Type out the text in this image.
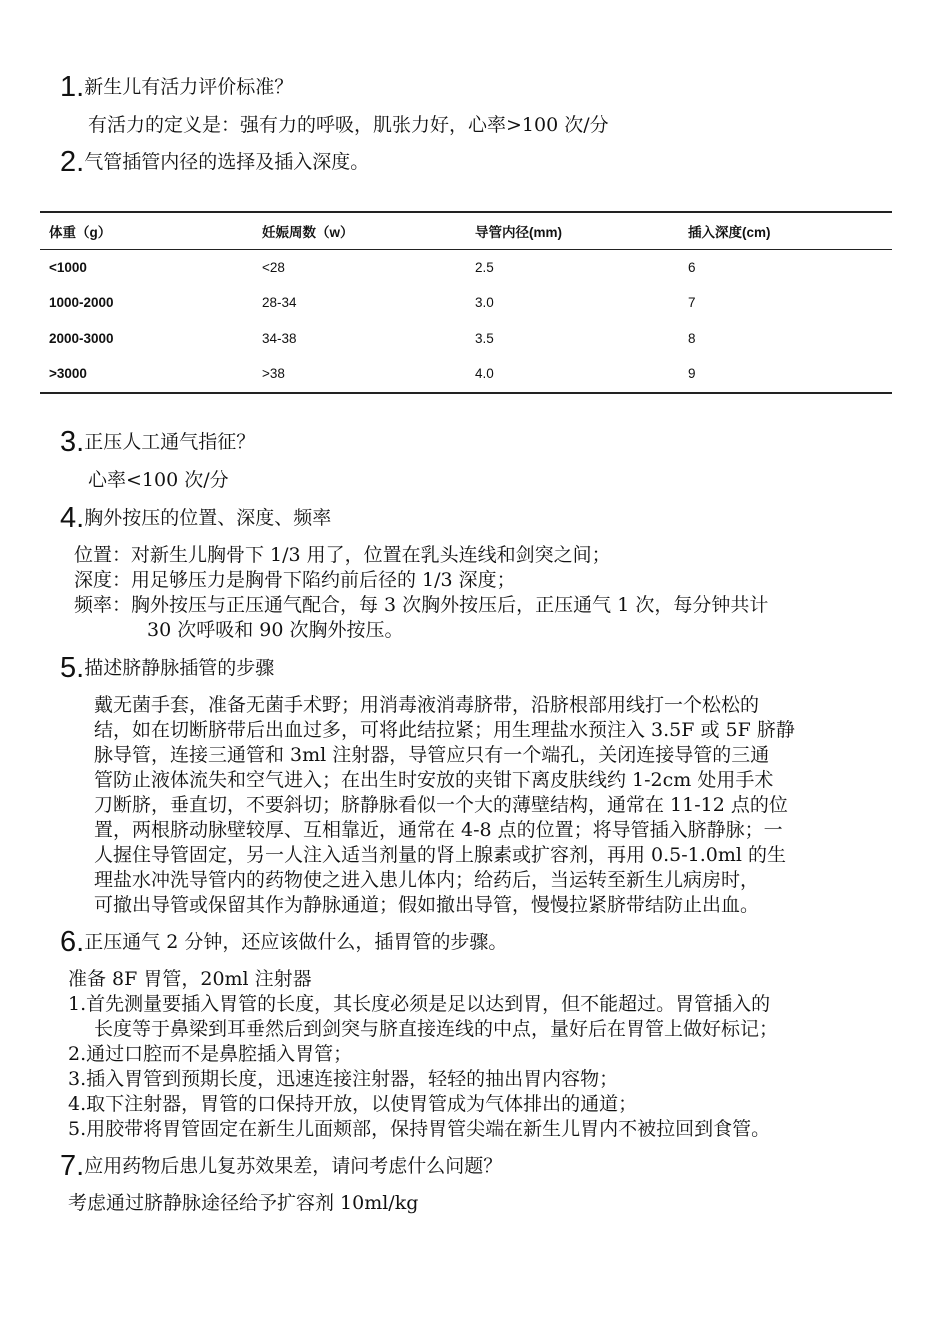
1.新生儿有活力评价标准？
有活力的定义是：强有力的呼吸，肌张力好，心率>100 次/分
2.气管插管内径的选择及插入深度。
体重（g）	妊娠周数（w）	导管内径(mm)	插入深度(cm)
<1000	<28	2.5	6
1000-2000	28-34	3.0	7
2000-3000	34-38	3.5	8
>3000	>38	4.0	9
3.正压人工通气指征？
心率<100 次/分
4.胸外按压的位置、深度、频率
位置：对新生儿胸骨下 1/3 用了，位置在乳头连线和剑突之间；
深度：用足够压力是胸骨下陷约前后径的 1/3 深度；
频率：胸外按压与正压通气配合，每 3 次胸外按压后，正压通气 1 次，每分钟共计
30 次呼吸和 90 次胸外按压。
5.描述脐静脉插管的步骤
戴无菌手套，准备无菌手术野；用消毒液消毒脐带，沿脐根部用线打一个松松的
结，如在切断脐带后出血过多，可将此结拉紧；用生理盐水预注入 3.5F 或 5F 脐静
脉导管，连接三通管和 3ml 注射器，导管应只有一个端孔，关闭连接导管的三通
管防止液体流失和空气进入；在出生时安放的夹钳下离皮肤线约 1-2cm 处用手术
刀断脐，垂直切，不要斜切；脐静脉看似一个大的薄壁结构，通常在 11-12 点的位
置，两根脐动脉壁较厚、互相靠近，通常在 4-8 点的位置；将导管插入脐静脉；一
人握住导管固定，另一人注入适当剂量的肾上腺素或扩容剂，再用 0.5-1.0ml 的生
理盐水冲洗导管内的药物使之进入患儿体内；给药后，当运转至新生儿病房时，
可撤出导管或保留其作为静脉通道；假如撤出导管，慢慢拉紧脐带结防止出血。
6.正压通气 2 分钟，还应该做什么，插胃管的步骤。
准备 8F 胃管，20ml 注射器
1.首先测量要插入胃管的长度，其长度必须是足以达到胃，但不能超过。胃管插入的
长度等于鼻梁到耳垂然后到剑突与脐直接连线的中点，量好后在胃管上做好标记；
2.通过口腔而不是鼻腔插入胃管；
3.插入胃管到预期长度，迅速连接注射器，轻轻的抽出胃内容物；
4.取下注射器，胃管的口保持开放，以使胃管成为气体排出的通道；
5.用胶带将胃管固定在新生儿面颊部，保持胃管尖端在新生儿胃内不被拉回到食管。
7.应用药物后患儿复苏效果差，请问考虑什么问题？
考虑通过脐静脉途径给予扩容剂 10ml/kg
